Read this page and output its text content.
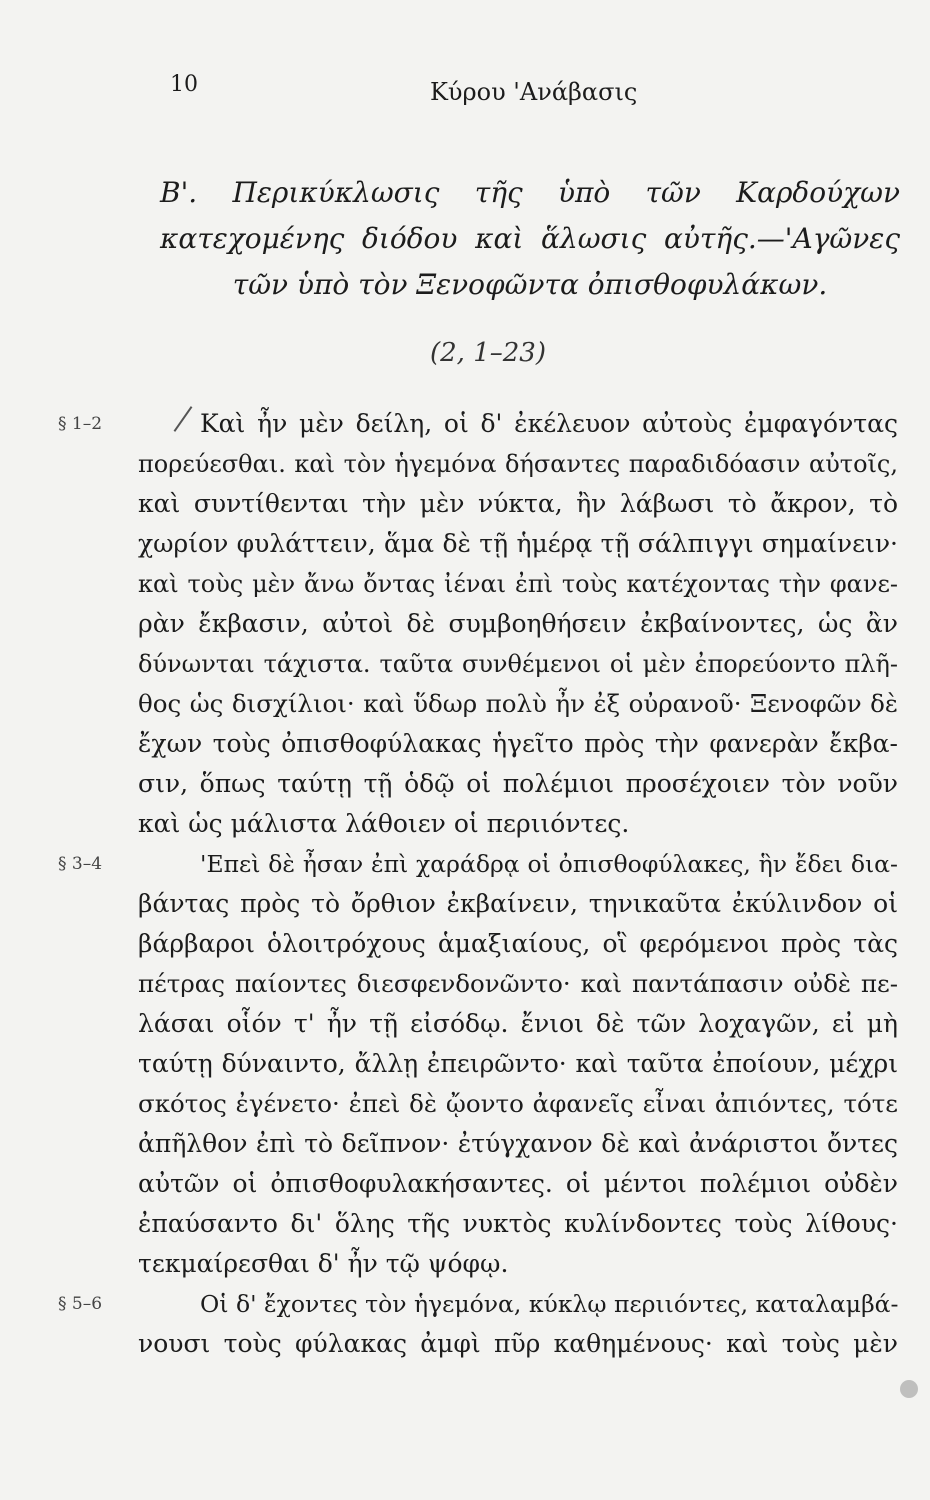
10	Κύρου 'Ανάβασις
Β'. Περικύκλωσις τῆς ὑπὸ τῶν Καρδούχων
κατεχομένης διόδου καὶ ἅλωσις αὐτῆς.—'Αγῶνες
τῶν ὑπὸ τὸν Ξενοφῶντα ὀπισθοφυλάκων.
(2, 1–23)
§ 1–2	Καὶ ἦν μὲν δείλη, οἱ δ' ἐκέλευον αὐτοὺς ἐμφαγόντας
πορεύεσθαι. καὶ τὸν ἡγεμόνα δήσαντες παραδιδόασιν αὐτοῖς,
καὶ συντίθενται τὴν μὲν νύκτα, ἢν λάβωσι τὸ ἄκρον, τὸ
χωρίον φυλάττειν, ἅμα δὲ τῇ ἡμέρᾳ τῇ σάλπιγγι σημαίνειν·
καὶ τοὺς μὲν ἄνω ὄντας ἰέναι ἐπὶ τοὺς κατέχοντας τὴν φανε-
ρὰν ἔκβασιν, αὐτοὶ δὲ συμβοηθήσειν ἐκβαίνοντες, ὡς ἂν
δύνωνται τάχιστα. ταῦτα συνθέμενοι οἱ μὲν ἐπορεύοντο πλῆ-
θος ὡς δισχίλιοι· καὶ ὕδωρ πολὺ ἦν ἐξ οὐρανοῦ· Ξενοφῶν δὲ
ἔχων τοὺς ὀπισθοφύλακας ἡγεῖτο πρὸς τὴν φανερὰν ἔκβα-
σιν, ὅπως ταύτῃ τῇ ὁδῷ οἱ πολέμιοι προσέχοιεν τὸν νοῦν
καὶ ὡς μάλιστα λάθοιεν οἱ περιιόντες.
§ 3–4	'Επεὶ δὲ ἦσαν ἐπὶ χαράδρᾳ οἱ ὀπισθοφύλακες, ἣν ἔδει δια-
βάντας πρὸς τὸ ὄρθιον ἐκβαίνειν, τηνικαῦτα ἐκύλινδον οἱ
βάρβαροι ὁλοιτρόχους ἁμαξιαίους, οἳ φερόμενοι πρὸς τὰς
πέτρας παίοντες διεσφενδονῶντο· καὶ παντάπασιν οὐδὲ πε-
λάσαι οἷόν τ' ἦν τῇ εἰσόδῳ. ἔνιοι δὲ τῶν λοχαγῶν, εἰ μὴ
ταύτῃ δύναιντο, ἄλλῃ ἐπειρῶντο· καὶ ταῦτα ἐποίουν, μέχρι
σκότος ἐγένετο· ἐπεὶ δὲ ᾤοντο ἀφανεῖς εἶναι ἀπιόντες, τότε
ἀπῆλθον ἐπὶ τὸ δεῖπνον· ἐτύγχανον δὲ καὶ ἀνάριστοι ὄντες
αὐτῶν οἱ ὀπισθοφυλακήσαντες. οἱ μέντοι πολέμιοι οὐδὲν
ἐπαύσαντο δι' ὅλης τῆς νυκτὸς κυλίνδοντες τοὺς λίθους·
τεκμαίρεσθαι δ' ἦν τῷ ψόφῳ.
§ 5–6	Οἱ δ' ἔχοντες τὸν ἡγεμόνα, κύκλῳ περιιόντες, καταλαμβά-
νουσι τοὺς φύλακας ἀμφὶ πῦρ καθημένους· καὶ τοὺς μὲν
